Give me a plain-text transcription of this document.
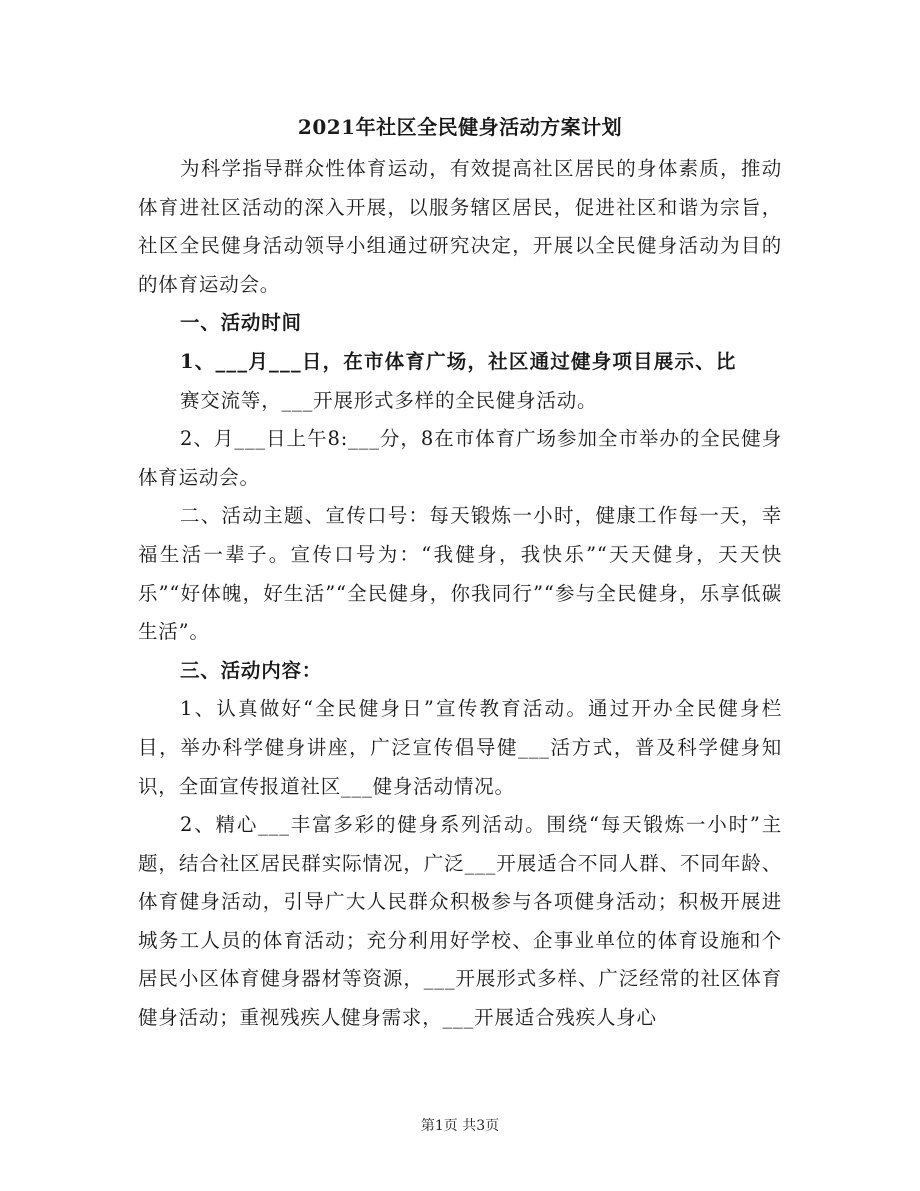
2021年社区全民健身活动方案计划

为科学指导群众性体育运动，有效提高社区居民的身体素质，推动体育进社区活动的深入开展，以服务辖区居民，促进社区和谐为宗旨，社区全民健身活动领导小组通过研究决定，开展以全民健身活动为目的的体育运动会。

一、活动时间

1、___月___日，在市体育广场，社区通过健身项目展示、比

赛交流等，___开展形式多样的全民健身活动。

2、月___日上午8:___分，8在市体育广场参加全市举办的全民健身体育运动会。

二、活动主题、宣传口号：每天锻炼一小时，健康工作每一天，幸福生活一辈子。宣传口号为：“我健身，我快乐”“天天健身，天天快乐”“好体魄，好生活”“全民健身，你我同行”“参与全民健身，乐享低碳生活”。

三、活动内容：

1、认真做好“全民健身日”宣传教育活动。通过开办全民健身栏目，举办科学健身讲座，广泛宣传倡导健___活方式，普及科学健身知识，全面宣传报道社区___健身活动情况。

2、精心___丰富多彩的健身系列活动。围绕“每天锻炼一小时”主题，结合社区居民群实际情况，广泛___开展适合不同人群、不同年龄、体育健身活动，引导广大人民群众积极参与各项健身活动；积极开展进城务工人员的体育活动；充分利用好学校、企事业单位的体育设施和个居民小区体育健身器材等资源，___开展形式多样、广泛经常的社区体育健身活动；重视残疾人健身需求，___开展适合残疾人身心

第1页 共3页
